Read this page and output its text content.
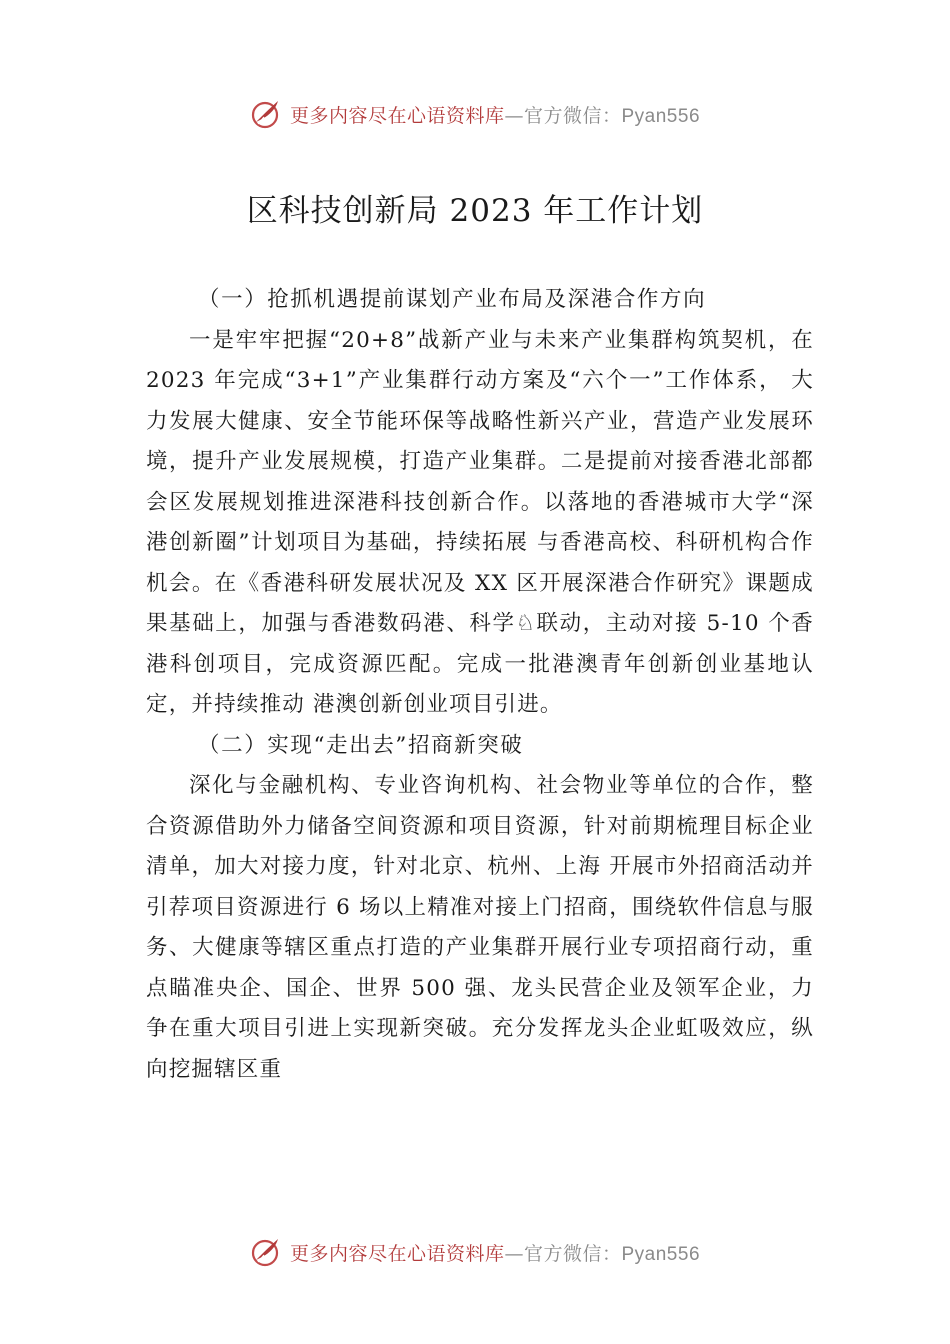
更多内容尽在心语资料库—官方微信：Pyan556
区科技创新局 2023 年工作计划
（一）抢抓机遇提前谋划产业布局及深港合作方向

一是牢牢把握“20+8”战新产业与未来产业集群构筑契机，在 2023 年完成“3+1”产业集群行动方案及“六个一”工作体系， 大力发展大健康、安全节能环保等战略性新兴产业，营造产业发展环境，提升产业发展规模，打造产业集群。二是提前对接香港北部都会区发展规划推进深港科技创新合作。以落地的香港城市大学“深港创新圈”计划项目为基础，持续拓展 与香港高校、科研机构合作机会。在《香港科研发展状况及 XX 区开展深港合作研究》课题成果基础上，加强与香港数码港、科学♘联动，主动对接 5-10 个香港科创项目，完成资源匹配。完成一批港澳青年创新创业基地认定，并持续推动 港澳创新创业项目引进。

（二）实现“走出去”招商新突破

深化与金融机构、专业咨询机构、社会物业等单位的合作，整合资源借助外力储备空间资源和项目资源，针对前期梳理目标企业清单，加大对接力度，针对北京、杭州、上海 开展市外招商活动并引荐项目资源进行 6 场以上精准对接上门招商，围绕软件信息与服务、大健康等辖区重点打造的产业集群开展行业专项招商行动，重点瞄准央企、国企、世界 500 强、龙头民营企业及领军企业，力争在重大项目引进上实现新突破。充分发挥龙头企业虹吸效应，纵向挖掘辖区重

更多内容尽在心语资料库—官方微信：Pyan556
